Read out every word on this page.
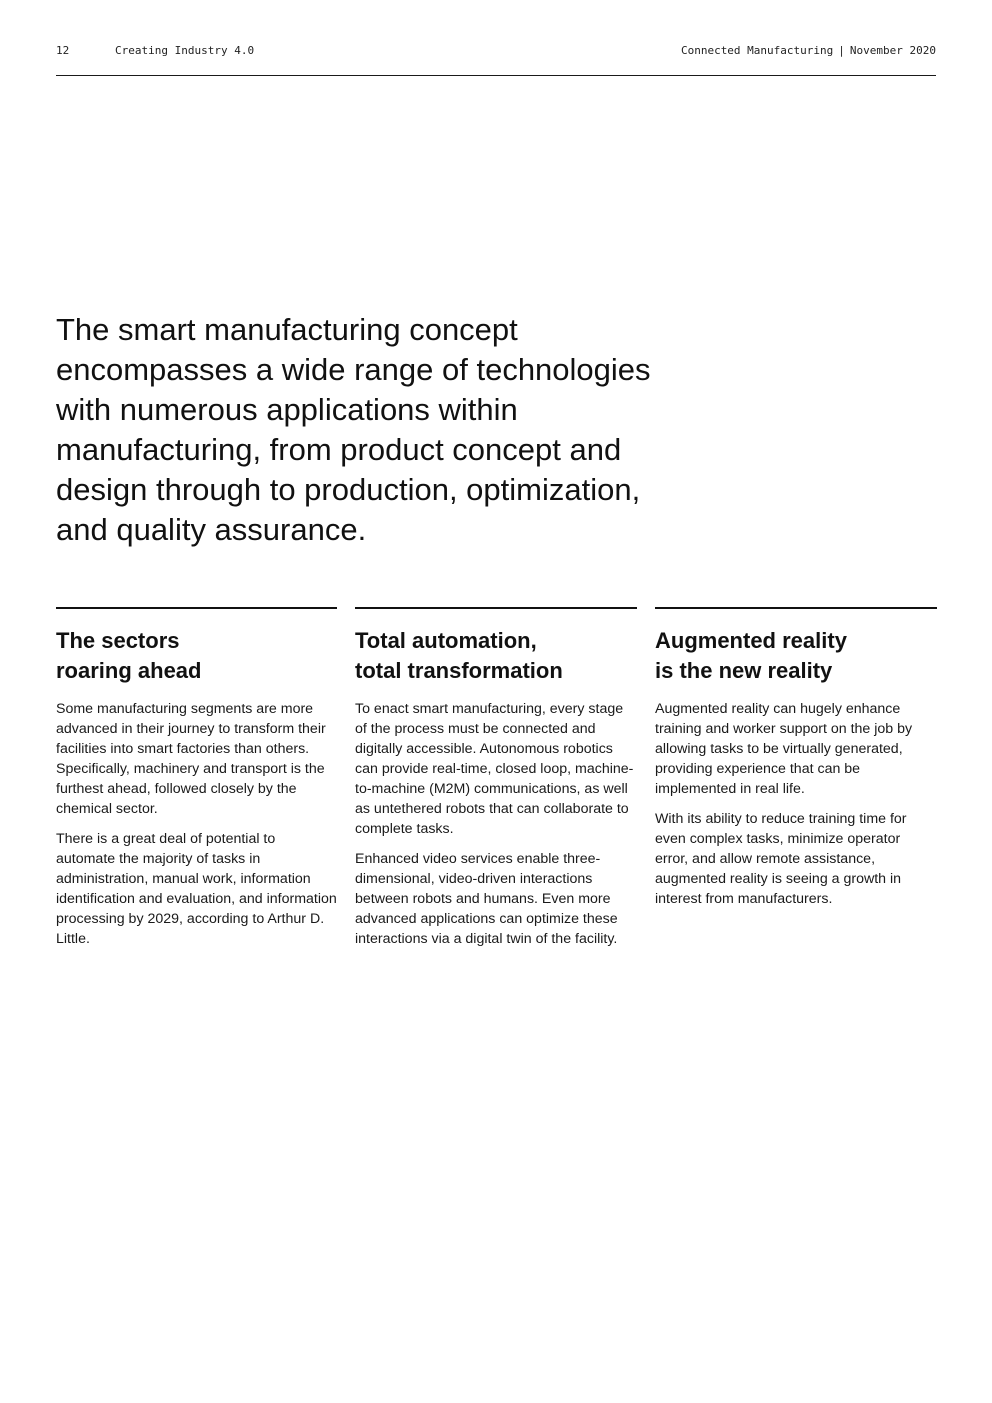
12	Creating Industry 4.0	Connected Manufacturing | November 2020

The smart manufacturing concept encompasses a wide range of technologies with numerous applications within manufacturing, from product concept and design through to production, optimization, and quality assurance.

The sectors
roaring ahead

Some manufacturing segments are more advanced in their journey to transform their facilities into smart factories than others. Specifically, machinery and transport is the furthest ahead, followed closely by the chemical sector.

There is a great deal of potential to automate the majority of tasks in administration, manual work, information identification and evaluation, and information processing by 2029, according to Arthur D. Little.

Total automation,
total transformation

To enact smart manufacturing, every stage of the process must be connected and digitally accessible. Autonomous robotics can provide real-time, closed loop, machine-to-machine (M2M) communications, as well as untethered robots that can collaborate to complete tasks.

Enhanced video services enable three-dimensional, video-driven interactions between robots and humans. Even more advanced applications can optimize these interactions via a digital twin of the facility.

Augmented reality
is the new reality

Augmented reality can hugely enhance training and worker support on the job by allowing tasks to be virtually generated, providing experience that can be implemented in real life.

With its ability to reduce training time for even complex tasks, minimize operator error, and allow remote assistance, augmented reality is seeing a growth in interest from manufacturers.
